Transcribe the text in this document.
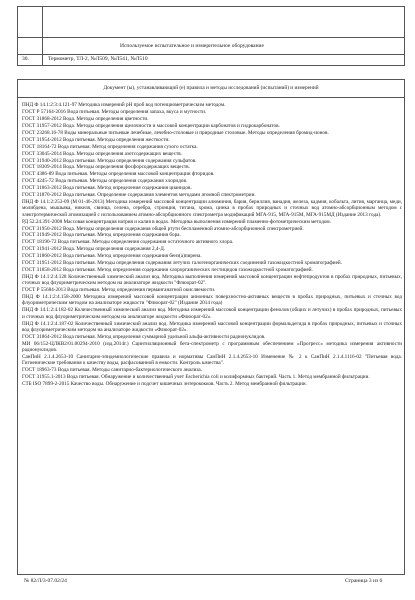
Используемое испытательное и измерительное оборудование
30.	Термометр, ТЛ-2, №Л509, №Л541, №Л510
Документ (ы), устанавливающий (е) правила и методы исследований (испытаний) и измерений
ПНД Ф 14.1:2:3:4.121-97 Методика измерений pH проб вод потенциометрическим методом.
ГОСТ Р 57164-2016 Вода питьевая. Методы определения запаха, вкуса и мутности.
ГОСТ 31868-2012 Вода. Методы определения цветности.
ГОСТ 31957-2012 Вода. Методы определения щелочности и массовой концентрации карбонатов и гидрокарбонатов.
ГОСТ 23268.16-78 Воды минеральные питьевые лечебные, лечебно-столовые и природные столовые. Методы определения бромид-ионов.
ГОСТ 31954-2012 Вода питьевая. Методы определения жесткости.
ГОСТ 18164-72 Вода питьевая. Метод определения содержания сухого остатка.
ГОСТ 33045-2014 Вода. Методы определения азотсодержащих веществ.
ГОСТ 31940-2012 Вода питьевая. Методы определения содержания сульфатов.
ГОСТ 18309-2014 Вода. Методы определения фосфорсодержащих веществ.
ГОСТ 4386-89 Вода питьевая. Методы определения массовой концентрации фторидов.
ГОСТ 4245-72 Вода питьевая. Методы определения содержания хлоридов.
ГОСТ 31863-2012 Вода питьевая. Метод определения содержания цианидов.
ГОСТ 31870-2012 Вода питьевая. Определение содержания элементов методами атомной спектрометрии.
ПНД Ф 14.1:2:253-09 (М 01-46-2013) Методика измерений массовой концентрации алюминия, бария, бериллия, ванадия, железа, кадмия, кобальта, лития, марганца, меди, молибдена, мышьяка, никеля, свинца, селена, серебра, стронция, титана, хрома, цинка в пробах природных и сточных вод атомно-абсорбционным методом с электротермической атомизацией с использованием атомно-абсорбционного спектрометра модификаций МГА-915, МГА-915М, МГА-915МД (Издание 2013 года).
РД 52.24.391-2008 Массовая концентрация натрия и калия в водах. Методика выполнения измерений пламенно-фотометрическим методом.
ГОСТ 31950-2012 Вода. Методы определения содержания общей ртути беспламенной атомно-абсорбционной спектрометрией.
ГОСТ 31949-2012 Вода питьевая. Метод определения содержания бора.
ГОСТ 18190-72 Вода питьевая. Методы определения содержания остаточного активного хлора.
ГОСТ 31941-2012 Вода. Методы определения содержания 2,4-Д.
ГОСТ 31860-2012 Вода питьевая. Метод определения содержания бенз(а)пирена.
ГОСТ 31951-2012 Вода питьевая. Методы определения содержания летучих галогенорганических соединений газожидкостной хроматографией.
ГОСТ 31858-2012 Вода питьевая. Метод определения содержания хлорорганических пестицидов газожидкостной хроматографией.
ПНД Ф 14.1:2:4.128 Количественный химический анализ вод. Методика выполнения измерений массовой концентрации нефтепродуктов в пробах природных, питьевых, сточных вод флуориметрическим методом на анализаторе жидкости "Флюорат-02".
ГОСТ Р 55684-2013 Вода питьевая. Метод определения перманганатной окисляемости.
ПНД Ф 14.1:2:4.158-2000 Методика измерений массовой концентрации анионных поверхностно-активных веществ в пробах природных, питьевых и сточных вод флуориметрическим методом на анализаторе жидкости "Флюорат-02" (Издание 2014 года)
ПНД Ф 14.1:2:4.182-02 Количественный химический анализ вод. Методика измерений массовой концентрации фенолов (общих и летучих) в пробах природных, питьевых и сточных вод флуориметрическим методом на анализаторе жидкости «Флюорат-02».
ПНД Ф 14.1:2:4.187-02 Количественный химический анализ вод. Методика измерений массовой концентрации формальдегида в пробах природных, питьевых и сточных вод флуориметрическим методом на анализаторе жидкости «Флюорат-02».
ГОСТ 31864-2012 Вода питьевая. Метод определения суммарной удельной альфа-активности радионуклидов.
МИ 06/152-ЦЛКВ2/01.00294-2010 (изд.2014г.) Сцинтилляционный бета-спектрометр с программным обеспечением «Прогресс» методика измерения активности радионуклидов.
СанПиН 2.1.4.2653-10 Санитарно-эпидемиологические правила и нормативы СанПиН 2.1.4.2653-10 Изменение № 2 к СанПиН 2.1.4.1116-02 "Питьевая вода. Гигиенические требования к качеству воды, расфасованной в емкости. Контроль качества".
ГОСТ 18963-73 Вода питьевая. Методы санитарно-бактериологического анализа.
ГОСТ 31955.1-2013 Вода питьевая. Обнаружение и количественный учет Escherichia coli и колиформных бактерий. Часть 1. Метод мембранной фильтрации.
СТБ ISO 7899-2-2015 Качество воды. Обнаружение и подсчет кишечных энтерококков. Часть 2. Метод мембранной фильтрации.
№ 82/Л/3-07.02/24	Страница 3 из 6
